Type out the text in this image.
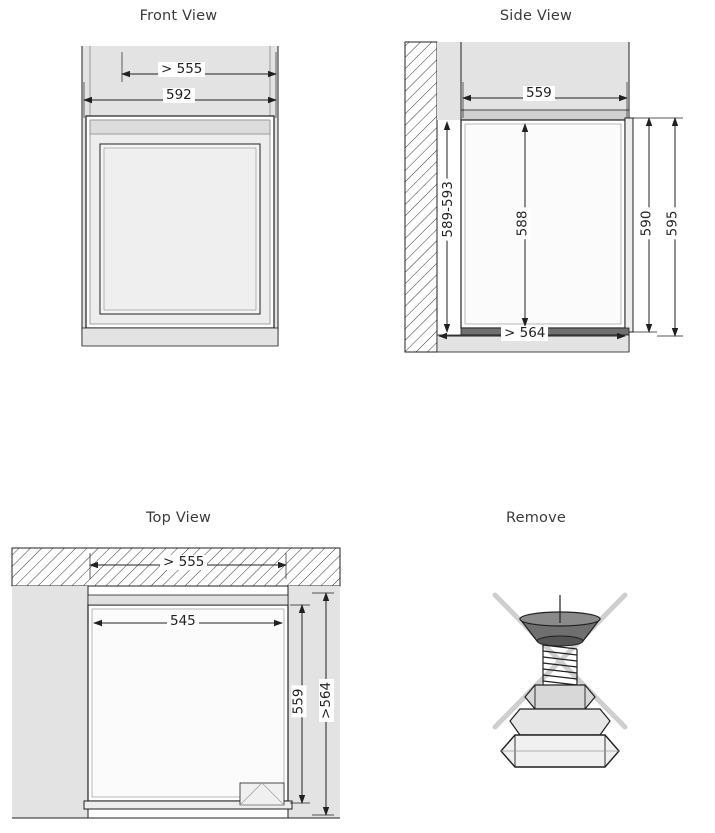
Front View
> 555
592
Side View
559
589-593	588	590 595
> 564
Top View
> 555
545
559 >564
Remove
